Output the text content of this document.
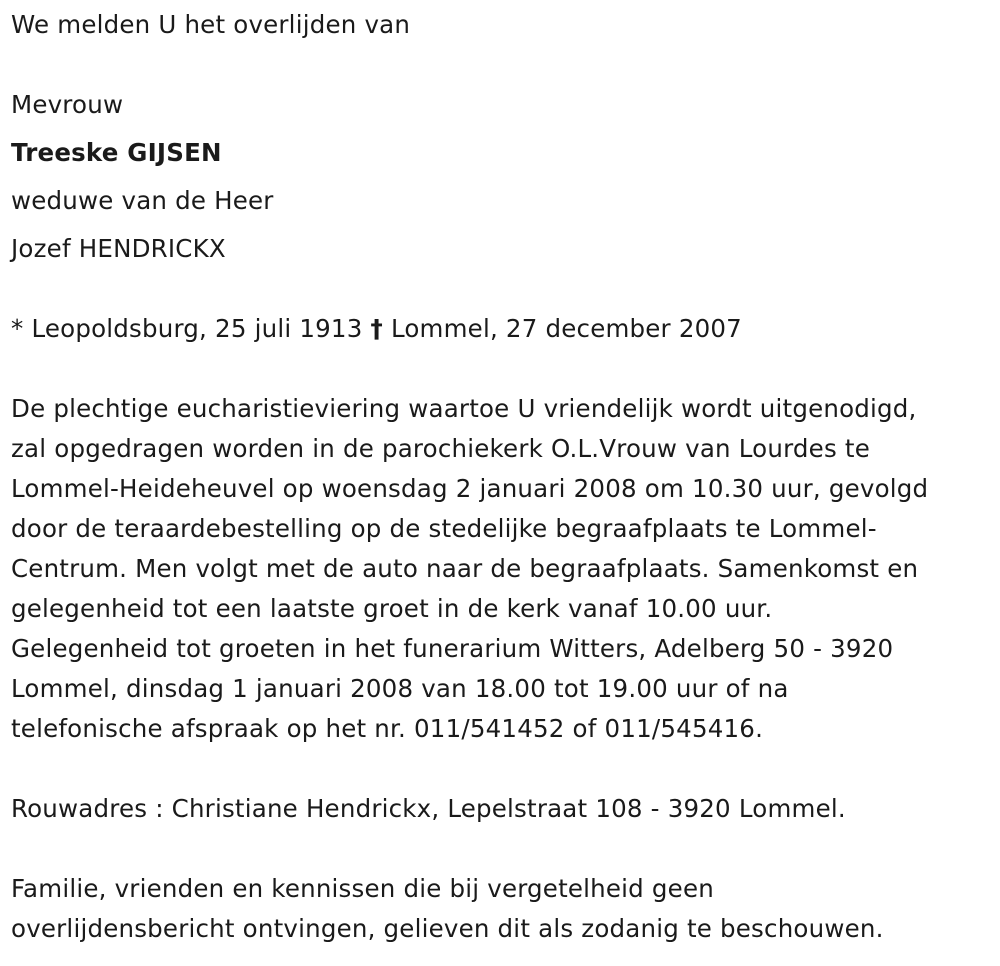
We melden U het overlijden van
Mevrouw
Treeske GIJSEN
weduwe van de Heer
Jozef HENDRICKX
* Leopoldsburg, 25 juli 1913 † Lommel, 27 december 2007
De plechtige eucharistieviering waartoe U vriendelijk wordt uitgenodigd,
zal opgedragen worden in de parochiekerk O.L.Vrouw van Lourdes te
Lommel-Heideheuvel op woensdag 2 januari 2008 om 10.30 uur, gevolgd
door de teraardebestelling op de stedelijke begraafplaats te Lommel-
Centrum. Men volgt met de auto naar de begraafplaats. Samenkomst en
gelegenheid tot een laatste groet in de kerk vanaf 10.00 uur.
Gelegenheid tot groeten in het funerarium Witters, Adelberg 50 - 3920
Lommel, dinsdag 1 januari 2008 van 18.00 tot 19.00 uur of na
telefonische afspraak op het nr. 011/541452 of 011/545416.
Rouwadres : Christiane Hendrickx, Lepelstraat 108 - 3920 Lommel.
Familie, vrienden en kennissen die bij vergetelheid geen
overlijdensbericht ontvingen, gelieven dit als zodanig te beschouwen.
